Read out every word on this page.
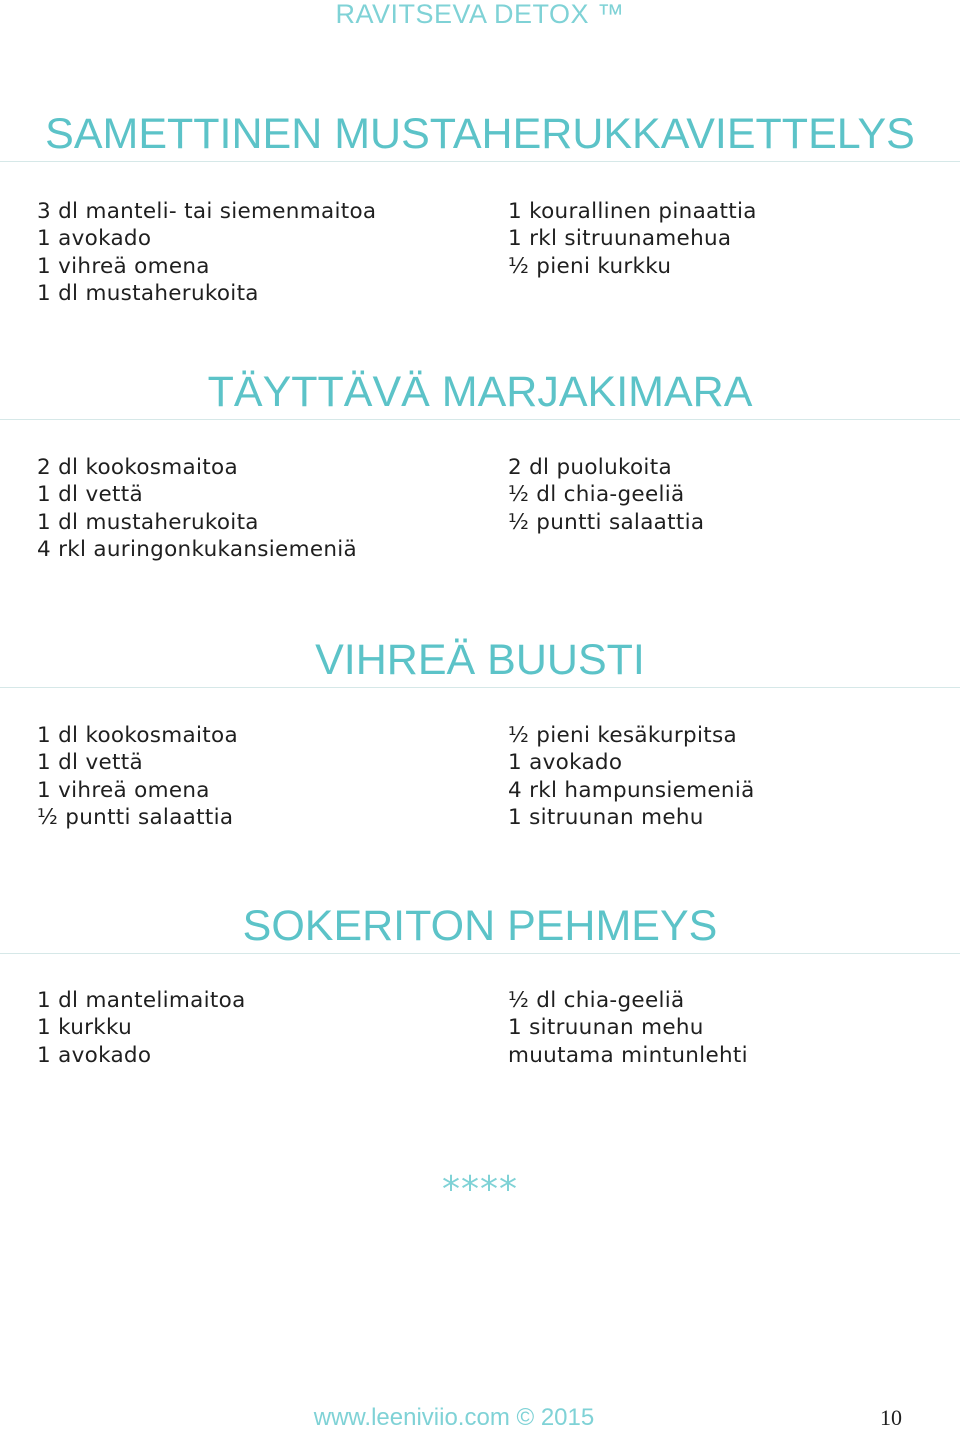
RAVITSEVA DETOX ™
SAMETTINEN MUSTAHERUKKAVIETTELYS
3 dl manteli- tai siemenmaitoa
1 avokado
1 vihreä omena
1 dl mustaherukoita
1 kourallinen pinaattia
1 rkl sitruunamehua
½ pieni kurkku
TÄYTTÄVÄ MARJAKIMARA
2 dl kookosmaitoa
1 dl vettä
1 dl mustaherukoita
4 rkl auringonkukansiemeniä
2 dl puolukoita
½ dl chia-geeliä
½ puntti salaattia
VIHREÄ BUUSTI
1 dl kookosmaitoa
1 dl vettä
1 vihreä omena
½ puntti salaattia
½ pieni kesäkurpitsa
1 avokado
4 rkl hampunsiemeniä
1 sitruunan mehu
SOKERITON PEHMEYS
1 dl mantelimaitoa
1 kurkku
1 avokado
½ dl chia-geeliä
1 sitruunan mehu
muutama mintunlehti
****
www.leeniviio.com © 2015	10
